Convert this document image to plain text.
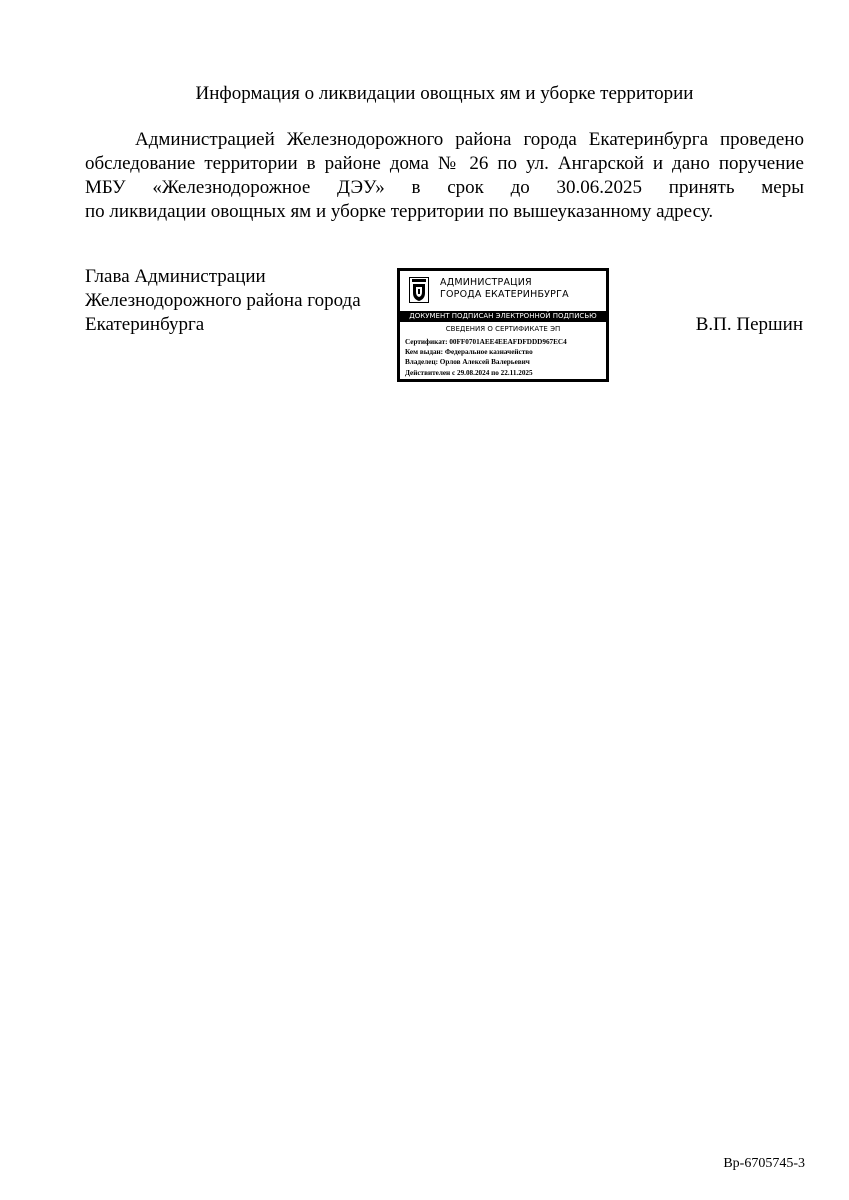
Информация о ликвидации овощных ям и уборке территории
Администрацией Железнодорожного района города Екатеринбурга проведено
обследование территории в районе дома № 26 по ул. Ангарской и дано поручение
МБУ «Железнодорожное ДЭУ» в срок до 30.06.2025 принять меры
по ликвидации овощных ям и уборке территории по вышеуказанному адресу.
Глава Администрации
Железнодорожного района города
Екатеринбурга
АДМИНИСТРАЦИЯ
ГОРОДА ЕКАТЕРИНБУРГА
ДОКУМЕНТ ПОДПИСАН ЭЛЕКТРОННОЙ ПОДПИСЬЮ
СВЕДЕНИЯ О СЕРТИФИКАТЕ ЭП
Сертификат: 00FF0701AEE4EEAFDFDDD967EC4
Кем выдан: Федеральное казначейство
Владелец: Орлов Алексей Валерьевич
Действителен с 29.08.2024 по 22.11.2025
В.П. Першин
Вр-6705745-3
